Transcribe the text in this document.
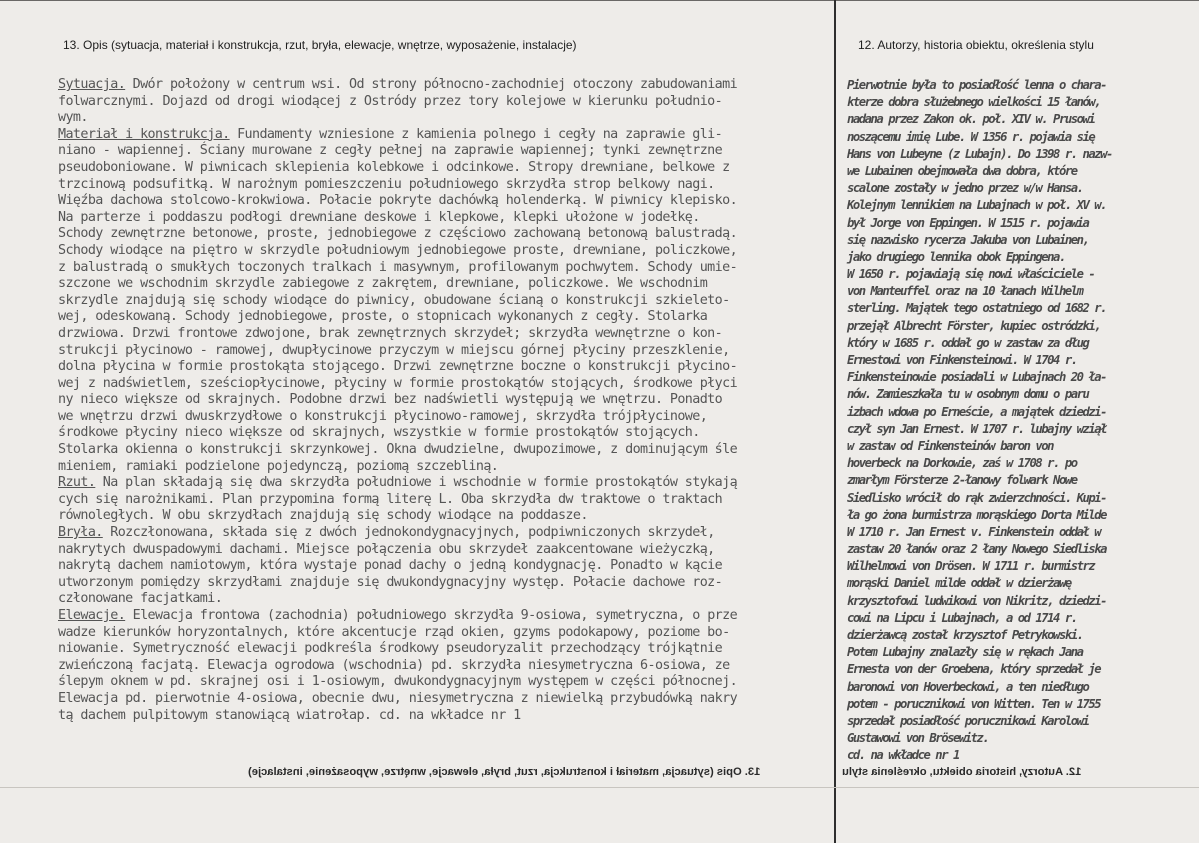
13. Opis (sytuacja, materiał i konstrukcja, rzut, bryła, elewacje, wnętrze, wyposażenie, instalacje)	12. Autorzy, historia obiektu, określenia stylu
Sytuacja. Dwór położony w centrum wsi. Od strony północno-zachodniej otoczony zabudowaniami
folwarcznymi. Dojazd od drogi wiodącej z Ostródy przez tory kolejowe w kierunku południo-
wym.
Materiał i konstrukcja. Fundamenty wzniesione z kamienia polnego i cegły na zaprawie gli-
niano - wapiennej. Ściany murowane z cegły pełnej na zaprawie wapiennej; tynki zewnętrzne
pseudoboniowane. W piwnicach sklepienia kolebkowe i odcinkowe. Stropy drewniane, belkowe z
trzcinową podsufitką. W narożnym pomieszczeniu południowego skrzydła strop belkowy nagi.
Więźba dachowa stolcowo-krokwiowa. Połacie pokryte dachówką holenderką. W piwnicy klepisko.
Na parterze i poddaszu podłogi drewniane deskowe i klepkowe, klepki ułożone w jodełkę.
Schody zewnętrzne betonowe, proste, jednobiegowe z częściowo zachowaną betonową balustradą.
Schody wiodące na piętro w skrzydle południowym jednobiegowe proste, drewniane, policzkowe,
z balustradą o smukłych toczonych tralkach i masywnym, profilowanym pochwytem. Schody umie-
szczone we wschodnim skrzydle zabiegowe z zakrętem, drewniane, policzkowe. We wschodnim
skrzydle znajdują się schody wiodące do piwnicy, obudowane ścianą o konstrukcji szkieleto-
wej, odeskowaną. Schody jednobiegowe, proste, o stopnicach wykonanych z cegły. Stolarka
drzwiowa. Drzwi frontowe zdwojone, brak zewnętrznych skrzydeł; skrzydła wewnętrzne o kon-
strukcji płycinowo - ramowej, dwupłycinowe przyczym w miejscu górnej płyciny przeszklenie,
dolna płycina w formie prostokąta stojącego. Drzwi zewnętrzne boczne o konstrukcji płycino-
wej z nadświetlem, sześciopłycinowe, płyciny w formie prostokątów stojących, środkowe płyci
ny nieco większe od skrajnych. Podobne drzwi bez nadświetli występują we wnętrzu. Ponadto
we wnętrzu drzwi dwuskrzydłowe o konstrukcji płycinowo-ramowej, skrzydła trójpłycinowe,
środkowe płyciny nieco większe od skrajnych, wszystkie w formie prostokątów stojących.
Stolarka okienna o konstrukcji skrzynkowej. Okna dwudzielne, dwupozimowe, z dominującym śle
mieniem, ramiaki podzielone pojedynczą, poziomą szczebliną.
Rzut. Na plan składają się dwa skrzydła południowe i wschodnie w formie prostokątów stykają
cych się narożnikami. Plan przypomina formą literę L. Oba skrzydła dw traktowe o traktach
równoległych. W obu skrzydłach znajdują się schody wiodące na poddasze.
Bryła. Rozczłonowana, składa się z dwóch jednokondygnacyjnych, podpiwniczonych skrzydeł,
nakrytych dwuspadowymi dachami. Miejsce połączenia obu skrzydeł zaakcentowane wieżyczką,
nakrytą dachem namiotowym, która wystaje ponad dachy o jedną kondygnację. Ponadto w kącie
utworzonym pomiędzy skrzydłami znajduje się dwukondygnacyjny występ. Połacie dachowe roz-
członowane facjatkami.
Elewacje. Elewacja frontowa (zachodnia) południowego skrzydła 9-osiowa, symetryczna, o prze
wadze kierunków horyzontalnych, które akcentucje rząd okien, gzyms podokapowy, poziome bo-
niowanie. Symetryczność elewacji podkreśla środkowy pseudoryzalit przechodzący trójkątnie
zwieńczoną facjatą. Elewacja ogrodowa (wschodnia) pd. skrzydła niesymetryczna 6-osiowa, ze
ślepym oknem w pd. skrajnej osi i 1-osiowym, dwukondygnacyjnym występem w części północnej.
Elewacja pd. pierwotnie 4-osiowa, obecnie dwu, niesymetryczna z niewielką przybudówką nakry
tą dachem pulpitowym stanowiącą wiatrołap. cd. na wkładce nr 1
Pierwotnie była to posiadłość lenna o chara-
kterze dobra służebnego wielkości 15 łanów,
nadana przez Zakon ok. poł. XIV w. Prusowi
noszącemu imię Lube. W 1356 r. pojawia się
Hans von Lubeyne (z Lubajn). Do 1398 r. nazw-
we Lubainen obejmowała dwa dobra, które
scalone zostały w jedno przez w/w Hansa.
Kolejnym lennikiem na Lubajnach w poł. XV w.
był Jorge von Eppingen. W 1515 r. pojawia
się nazwisko rycerza Jakuba von Lubainen,
jako drugiego lennika obok Eppingena.
W 1650 r. pojawiają się nowi właściciele -
von Manteuffel oraz na 10 łanach Wilhelm
sterling. Majątek tego ostatniego od 1682 r.
przejął Albrecht Förster, kupiec ostródzki,
który w 1685 r. oddał go w zastaw za dług
Ernestowi von Finkensteinowi. W 1704 r.
Finkensteinowie posiadali w Lubajnach 20 ła-
nów. Zamieszkała tu w osobnym domu o paru
izbach wdowa po Erneście, a majątek dziedzi-
czył syn Jan Ernest. W 1707 r. lubajny wziął
w zastaw od Finkensteinów baron von
hoverbeck na Dorkowie, zaś w 1708 r. po
zmarłym Försterze 2-łanowy folwark Nowe
Siedlisko wrócił do rąk zwierzchności. Kupi-
ła go żona burmistrza morąskiego Dorta Milde
W 1710 r. Jan Ernest v. Finkenstein oddał w
zastaw 20 łanów oraz 2 łany Nowego Siedliska
Wilhelmowi von Drösen. W 1711 r. burmistrz
morąski Daniel milde oddał w dzierżawę
krzysztofowi ludwikowi von Nikritz, dziedzi-
cowi na Lipcu i Lubajnach, a od 1714 r.
dzierżawcą został krzysztof Petrykowski.
Potem Lubajny znalazły się w rękach Jana
Ernesta von der Groebena, który sprzedał je
baronowi von Hoverbeckowi, a ten niedługo
potem - porucznikowi von Witten. Ten w 1755
sprzedał posiadłość porucznikowi Karolowi
Gustawowi von Brösewitz.
cd. na wkładce nr 1
12. Autorzy, historia obiektu, określenia stylu
13. Opis (sytuacja, materiał i konstrukcja, rzut, bryła, elewacje, wnętrze, wyposażenie, instalacje)
